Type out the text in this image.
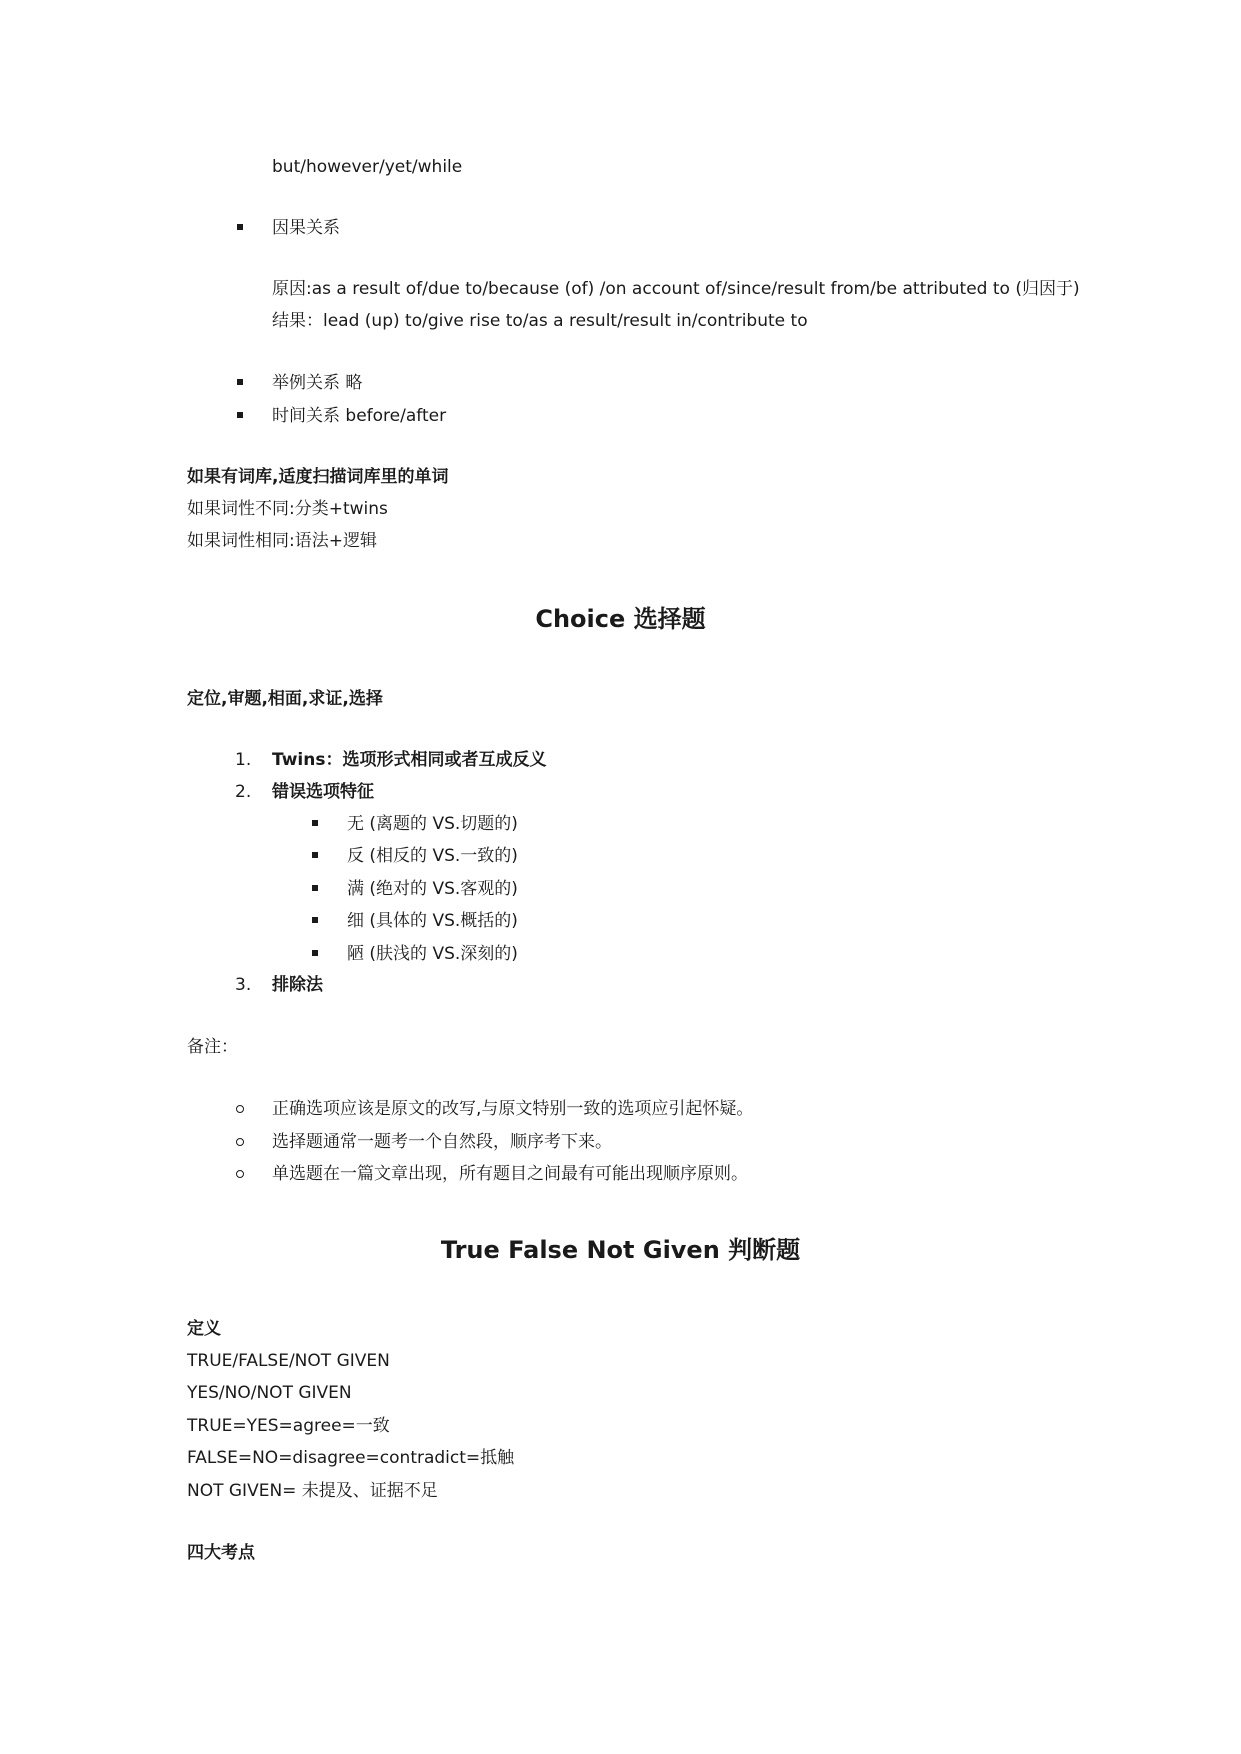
but/however/yet/while
因果关系
原因:as a result of/due to/because (of) /on account of/since/result from/be attributed to (归因于)
结果：lead (up) to/give rise to/as a result/result in/contribute to
举例关系 略
时间关系 before/after
如果有词库,适度扫描词库里的单词
如果词性不同:分类+twins
如果词性相同:语法+逻辑
Choice 选择题
定位,审题,相面,求证,选择
1. Twins：选项形式相同或者互成反义
2. 错误选项特征
无 (离题的 VS.切题的)
反 (相反的 VS.一致的)
满 (绝对的 VS.客观的)
细 (具体的 VS.概括的)
陋 (肤浅的 VS.深刻的)
3. 排除法
备注：
正确选项应该是原文的改写,与原文特别一致的选项应引起怀疑。
选择题通常一题考一个自然段，顺序考下来。
单选题在一篇文章出现，所有题目之间最有可能出现顺序原则。
True False Not Given 判断题
定义
TRUE/FALSE/NOT GIVEN
YES/NO/NOT GIVEN
TRUE=YES=agree=一致
FALSE=NO=disagree=contradict=抵触
NOT GIVEN= 未提及、证据不足
四大考点
